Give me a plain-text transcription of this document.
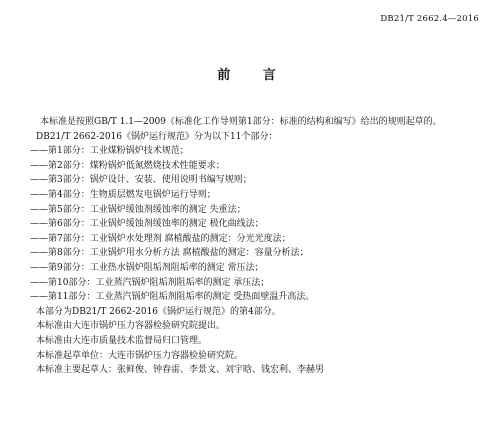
DB21/T 2662.4—2016
前 言

本标准是按照GB/T 1.1—2009《标准化工作导则第1部分：标准的结构和编写》给出的规则起草的。

DB21/T 2662-2016《锅炉运行规范》分为以下11个部分：

——第1部分：工业煤粉锅炉技术规范；

——第2部分：煤粉锅炉低氮燃烧技术性能要求；

——第3部分：锅炉设计、安装、使用说明书编写规则；

——第4部分：生物质层燃发电锅炉运行导则；

——第5部分：工业锅炉缓蚀剂缓蚀率的测定 失重法；

——第6部分：工业锅炉缓蚀剂缓蚀率的测定 极化曲线法；

——第7部分：工业锅炉水处理剂 腐植酸盐的测定：分光光度法；

——第8部分：工业锅炉用水分析方法 腐植酸盐的测定：容量分析法；

——第9部分：工业热水锅炉阻垢剂阻垢率的测定 常压法；

——第10部分：工业蒸汽锅炉阻垢剂阻垢率的测定 承压法；

——第11部分：工业蒸汽锅炉阻垢剂阻垢率的测定 受热面壁温升高法。

本部分为DB21/T 2662-2016《锅炉运行规范》的第4部分。

本标准由大连市锅炉压力容器检验研究院提出。

本标准由大连市质量技术监督局归口管理。

本标准起草单位：大连市锅炉压力容器检验研究院。

本标准主要起草人：张鲜俊、钟春雷、李景文、刘宇晗、钱宏利、李赫男
